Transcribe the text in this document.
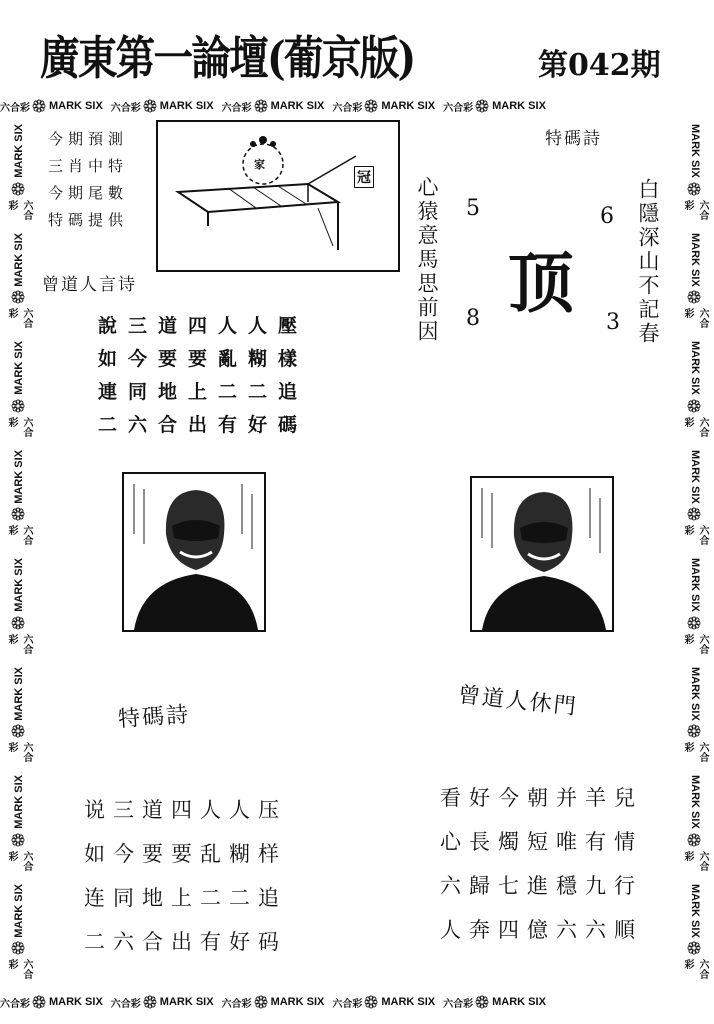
廣東第一論壇(葡京版)	第042期
六合彩 MARK SIX 六合彩 MARK SIX 六合彩 MARK SIX 六合彩 MARK SIX 六合彩 MARK SIX
六合彩 MARK SIX 六合彩 MARK SIX 六合彩 MARK SIX 六合彩 MARK SIX 六合彩 MARK SIX
MARK SIX
六合彩
MARK SIX
六合彩
MARK SIX
六合彩
MARK SIX
六合彩
MARK SIX
六合彩
MARK SIX
六合彩
MARK SIX
六合彩
MARK SIX
六合彩
MARK SIX
六合彩
MARK SIX
六合彩
MARK SIX
六合彩
MARK SIX
六合彩
MARK SIX
六合彩
MARK SIX
六合彩
MARK SIX
六合彩
MARK SIX
六合彩
今期預測
三肖中特
今期尾數
特碼提供
家
冠
特碼詩
白隱深山不記春
心猿意馬思前因 5	6
8	3
顶
曾道人言诗
說三道四人人壓
如今要要亂糊樣
連同地上二二追
二六合出有好碼
特碼詩
说三道四人人压
如今要要乱糊样
连同地上二二追
二六合出有好码
曾道人休門
看好今朝并羊兒
心長燭短唯有情
六歸七進穩九行
人奔四億六六順
